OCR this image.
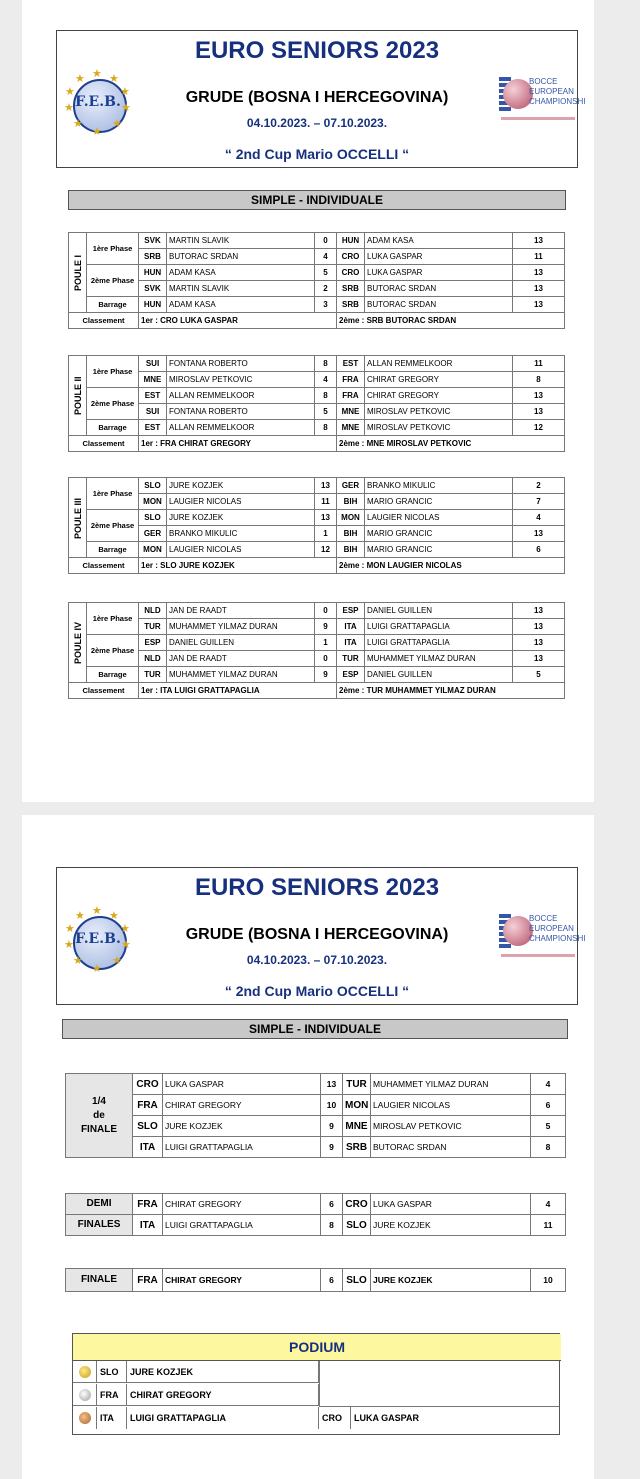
F.E.B.
★ ★
★
★
★
★
★
★
★
★	BOCCE EUROPEAN CHAMPIONSHI
EURO SENIORS 2023
GRUDE (BOSNA I HERCEGOVINA)
04.10.2023. – 07.10.2023.
“ 2nd Cup Mario OCCELLI “
SIMPLE - INDIVIDUALE
POULE I	1ère Phase	SVK	MARTIN SLAVIK	0	HUN	ADAM KASA	13
		SRB	BUTORAC SRDAN	4	CRO	LUKA GASPAR	11
	2ème Phase	HUN	ADAM KASA	5	CRO	LUKA GASPAR	13
		SVK	MARTIN SLAVIK	2	SRB	BUTORAC SRDAN	13
	Barrage	HUN	ADAM KASA	3	SRB	BUTORAC SRDAN	13
Classement		1er : CRO LUKA GASPAR			2ème : SRB BUTORAC SRDAN		
POULE II	1ère Phase	SUI	FONTANA ROBERTO	8	EST	ALLAN REMMELKOOR	11
		MNE	MIROSLAV PETKOVIC	4	FRA	CHIRAT GREGORY	8
	2ème Phase	EST	ALLAN REMMELKOOR	8	FRA	CHIRAT GREGORY	13
		SUI	FONTANA ROBERTO	5	MNE	MIROSLAV PETKOVIC	13
	Barrage	EST	ALLAN REMMELKOOR	8	MNE	MIROSLAV PETKOVIC	12
Classement		1er : FRA CHIRAT GREGORY			2ème : MNE MIROSLAV PETKOVIC		
POULE III	1ère Phase	SLO	JURE KOZJEK	13	GER	BRANKO MIKULIC	2
		MON	LAUGIER NICOLAS	11	BIH	MARIO GRANCIC	7
	2ème Phase	SLO	JURE KOZJEK	13	MON	LAUGIER NICOLAS	4
		GER	BRANKO MIKULIC	1	BIH	MARIO GRANCIC	13
	Barrage	MON	LAUGIER NICOLAS	12	BIH	MARIO GRANCIC	6
Classement		1er : SLO JURE KOZJEK			2ème : MON LAUGIER NICOLAS		
POULE IV	1ère Phase	NLD	JAN DE RAADT	0	ESP	DANIEL GUILLEN	13
		TUR	MUHAMMET YILMAZ DURAN	9	ITA	LUIGI GRATTAPAGLIA	13
	2ème Phase	ESP	DANIEL GUILLEN	1	ITA	LUIGI GRATTAPAGLIA	13
		NLD	JAN DE RAADT	0	TUR	MUHAMMET YILMAZ DURAN	13
	Barrage	TUR	MUHAMMET YILMAZ DURAN	9	ESP	DANIEL GUILLEN	5
Classement		1er : ITA LUIGI GRATTAPAGLIA			2ème : TUR MUHAMMET YILMAZ DURAN		
F.E.B.
★ ★
★
★
★
★
★
★
★
★	BOCCE EUROPEAN CHAMPIONSHI
EURO SENIORS 2023
GRUDE (BOSNA I HERCEGOVINA)
04.10.2023. – 07.10.2023.
“ 2nd Cup Mario OCCELLI “
SIMPLE - INDIVIDUALE
1/4
de
FINALE	CRO	LUKA GASPAR	13	TUR	MUHAMMET YILMAZ DURAN	4
	FRA	CHIRAT GREGORY	10	MON	LAUGIER NICOLAS	6
	SLO	JURE KOZJEK	9	MNE	MIROSLAV PETKOVIC	5
	ITA	LUIGI GRATTAPAGLIA	9	SRB	BUTORAC SRDAN	8
DEMI	FRA	CHIRAT GREGORY	6	CRO	LUKA GASPAR	4
FINALES	ITA	LUIGI GRATTAPAGLIA	8	SLO	JURE KOZJEK	11
FINALE	FRA	CHIRAT GREGORY	6	SLO	JURE KOZJEK	10
PODIUM
SLO	JURE KOZJEK
FRA	CHIRAT GREGORY
ITA	LUIGI GRATTAPAGLIA	CRO	LUKA GASPAR
